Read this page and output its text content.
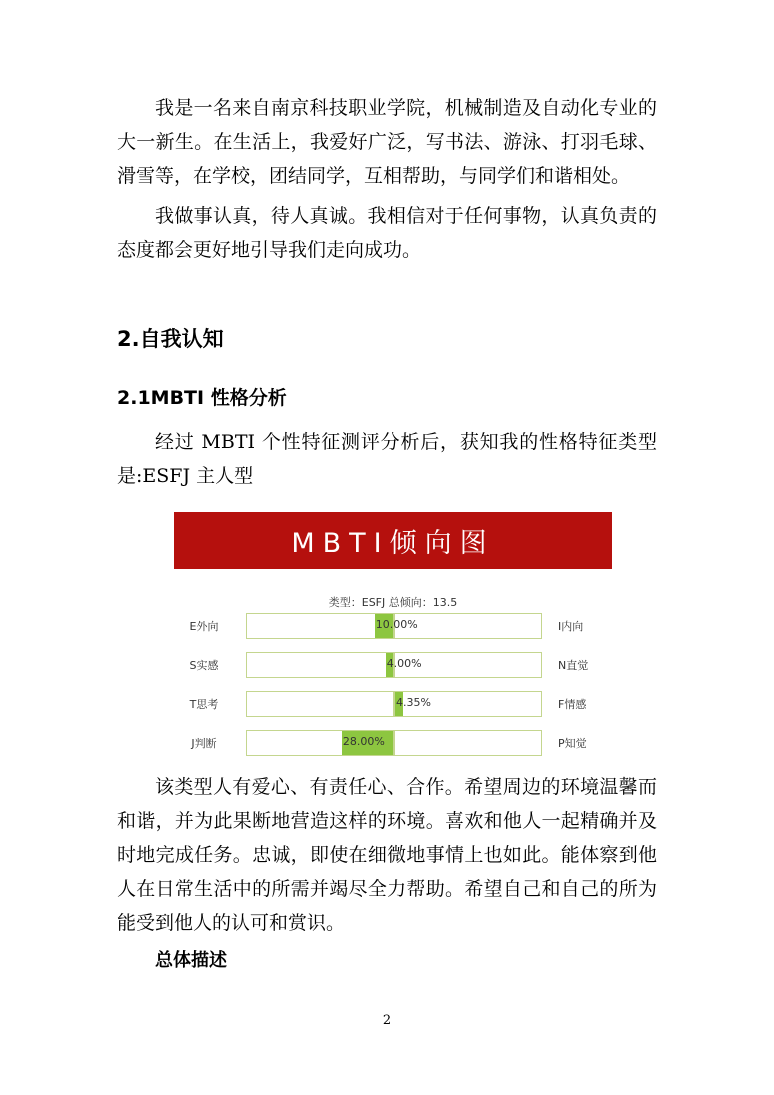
我是一名来自南京科技职业学院，机械制造及自动化专业的大一新生。在生活上，我爱好广泛，写书法、游泳、打羽毛球、滑雪等，在学校，团结同学，互相帮助，与同学们和谐相处。

我做事认真，待人真诚。我相信对于任何事物，认真负责的态度都会更好地引导我们走向成功。

2.自我认知
2.1MBTI 性格分析

经过 MBTI 个性特征测评分析后，获知我的性格特征类型是:ESFJ 主人型

MBTI倾向图
类型：ESFJ 总倾向：13.5
E外向	10.00%	I内向
S实感	4.00%	N直觉
T思考	4.35%	F情感
J判断	28.00%	P知觉

该类型人有爱心、有责任心、合作。希望周边的环境温馨而和谐，并为此果断地营造这样的环境。喜欢和他人一起精确并及时地完成任务。忠诚，即使在细微地事情上也如此。能体察到他人在日常生活中的所需并竭尽全力帮助。希望自己和自己的所为能受到他人的认可和赏识。

总体描述

2
